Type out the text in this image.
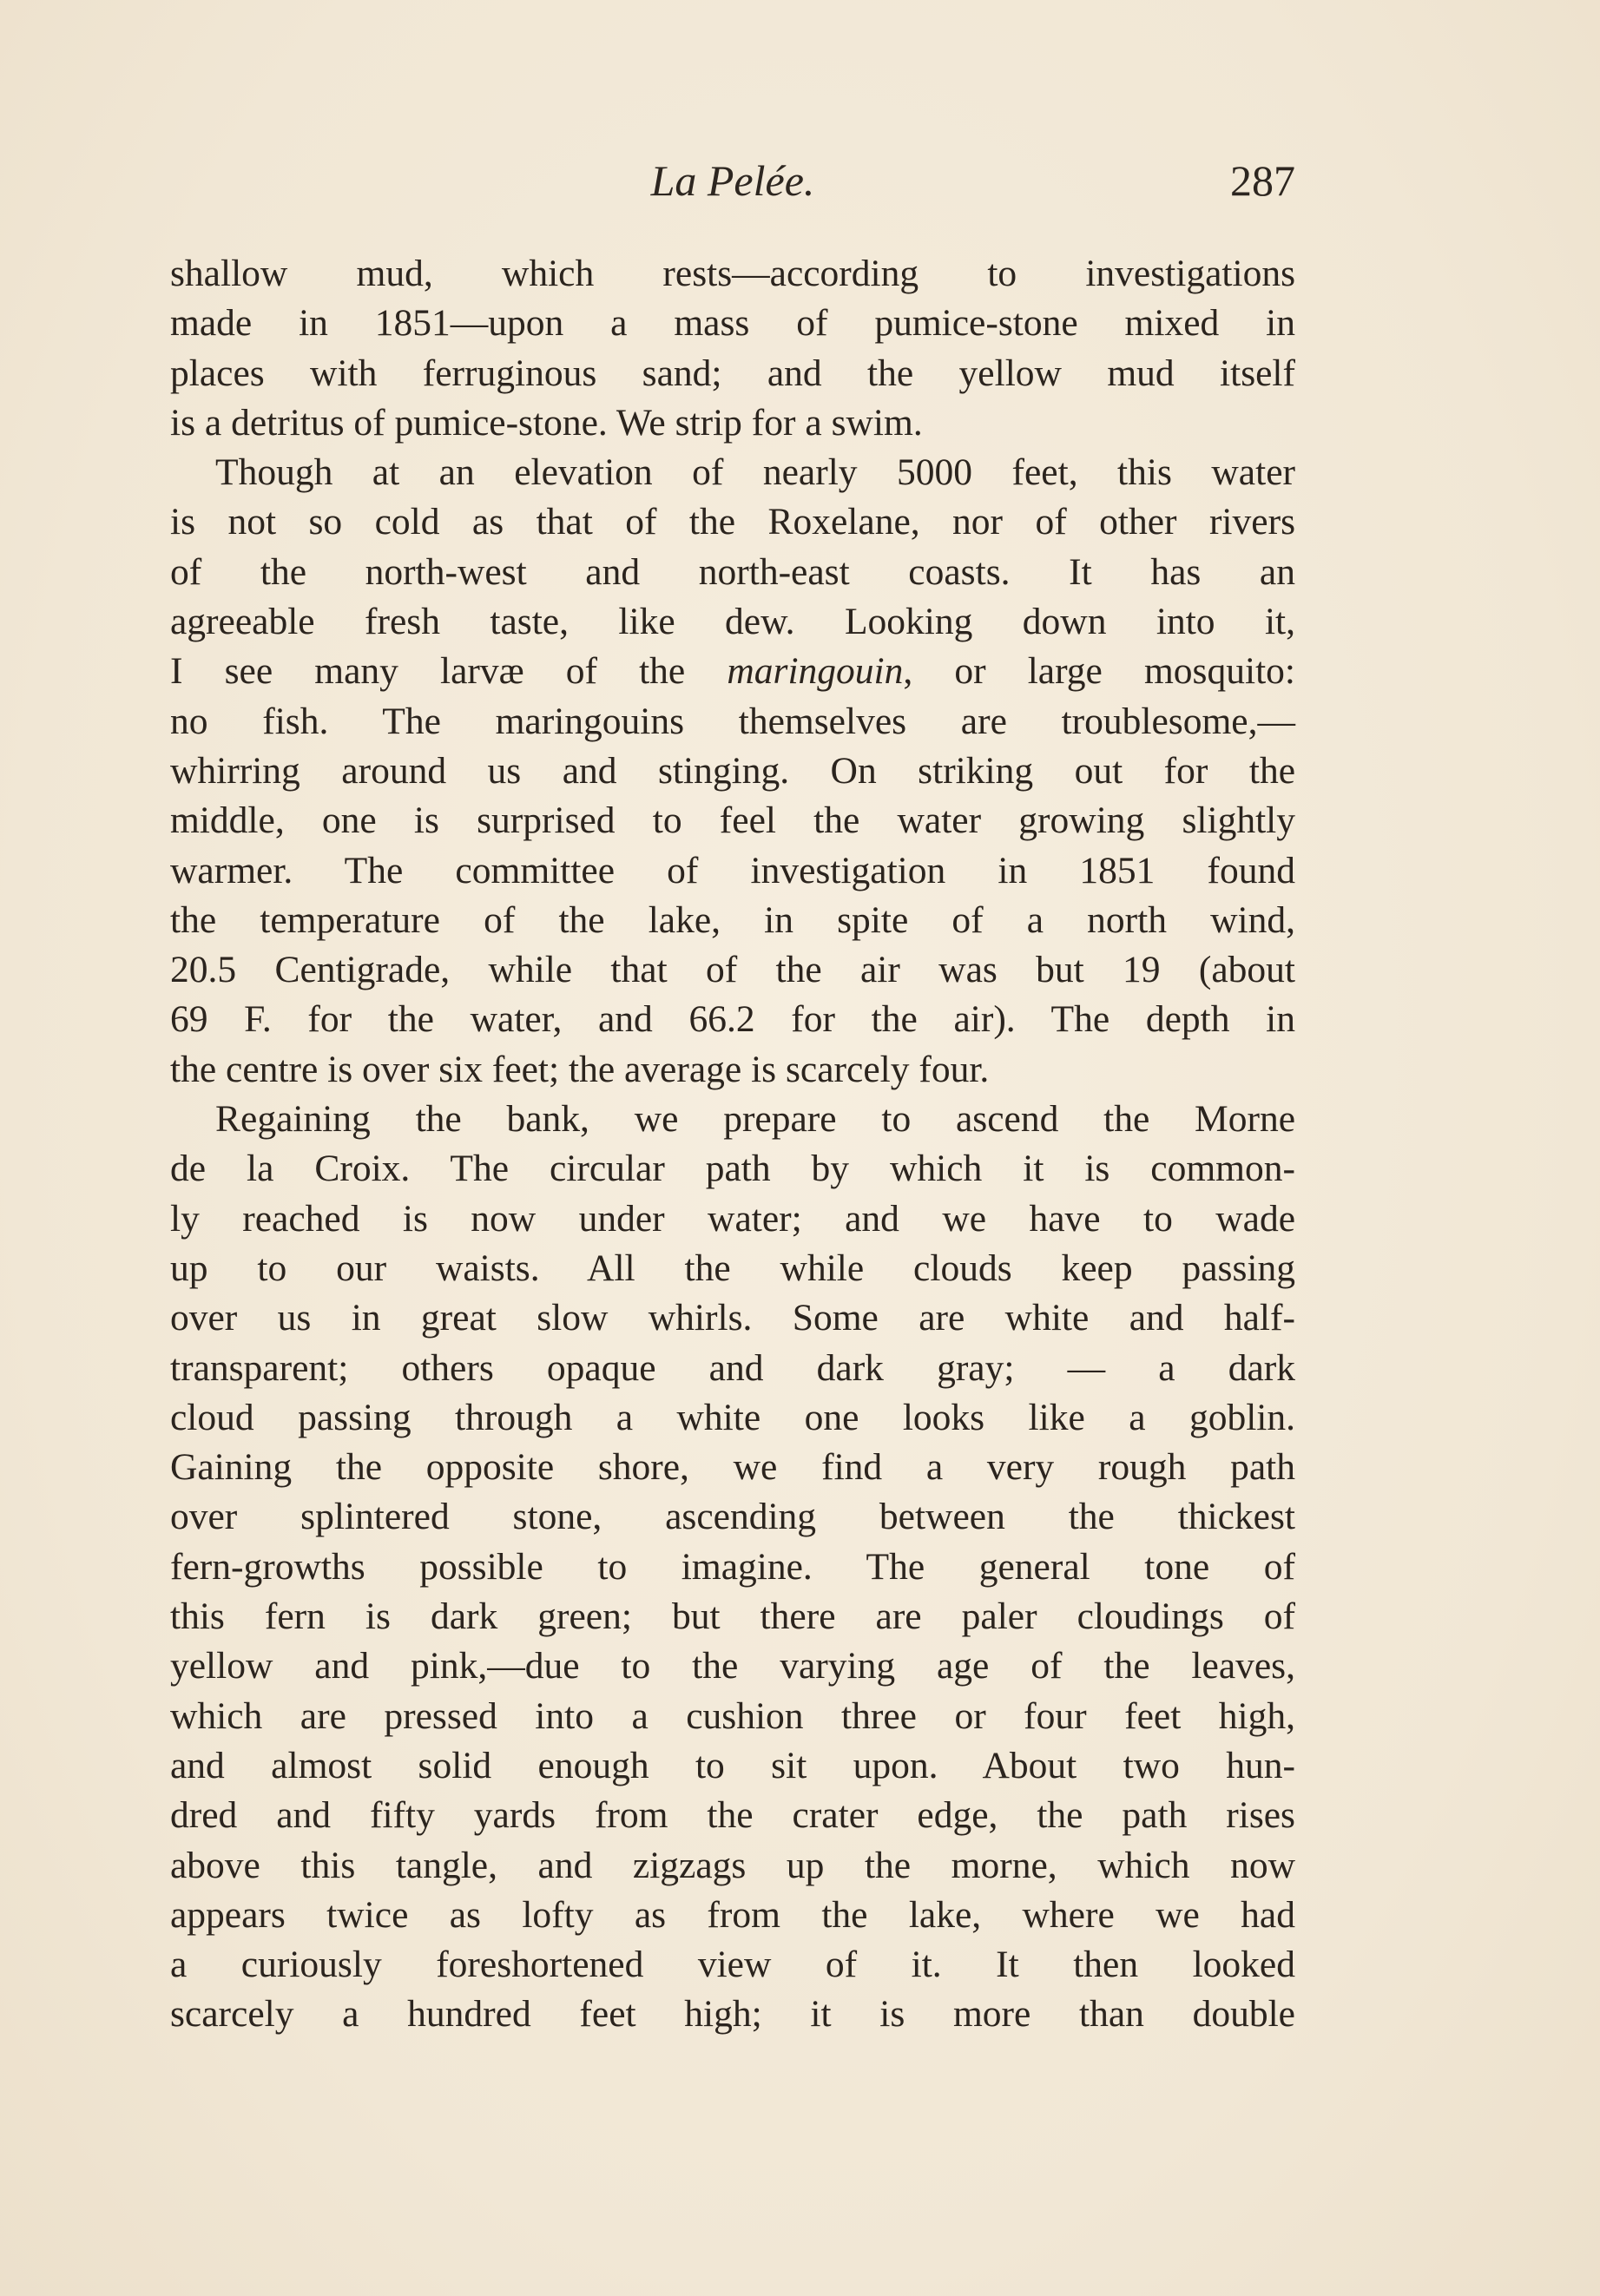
La Pelée.	287
shallow mud, which rests—according to investigations
made in 1851—upon a mass of pumice-stone mixed in
places with ferruginous sand; and the yellow mud itself
is a detritus of pumice-stone. We strip for a swim.
Though at an elevation of nearly 5000 feet, this water
is not so cold as that of the Roxelane, nor of other rivers
of the north-west and north-east coasts. It has an
agreeable fresh taste, like dew. Looking down into it,
I see many larvæ of the maringouin, or large mosquito:
no fish. The maringouins themselves are troublesome,—
whirring around us and stinging. On striking out for the
middle, one is surprised to feel the water growing slightly
warmer. The committee of investigation in 1851 found
the temperature of the lake, in spite of a north wind,
20.5 Centigrade, while that of the air was but 19 (about
69 F. for the water, and 66.2 for the air). The depth in
the centre is over six feet; the average is scarcely four.
Regaining the bank, we prepare to ascend the Morne
de la Croix. The circular path by which it is common-
ly reached is now under water; and we have to wade
up to our waists. All the while clouds keep passing
over us in great slow whirls. Some are white and half-
transparent; others opaque and dark gray; — a dark
cloud passing through a white one looks like a goblin.
Gaining the opposite shore, we find a very rough path
over splintered stone, ascending between the thickest
fern-growths possible to imagine. The general tone of
this fern is dark green; but there are paler cloudings of
yellow and pink,—due to the varying age of the leaves,
which are pressed into a cushion three or four feet high,
and almost solid enough to sit upon. About two hun-
dred and fifty yards from the crater edge, the path rises
above this tangle, and zigzags up the morne, which now
appears twice as lofty as from the lake, where we had
a curiously foreshortened view of it. It then looked
scarcely a hundred feet high; it is more than double
